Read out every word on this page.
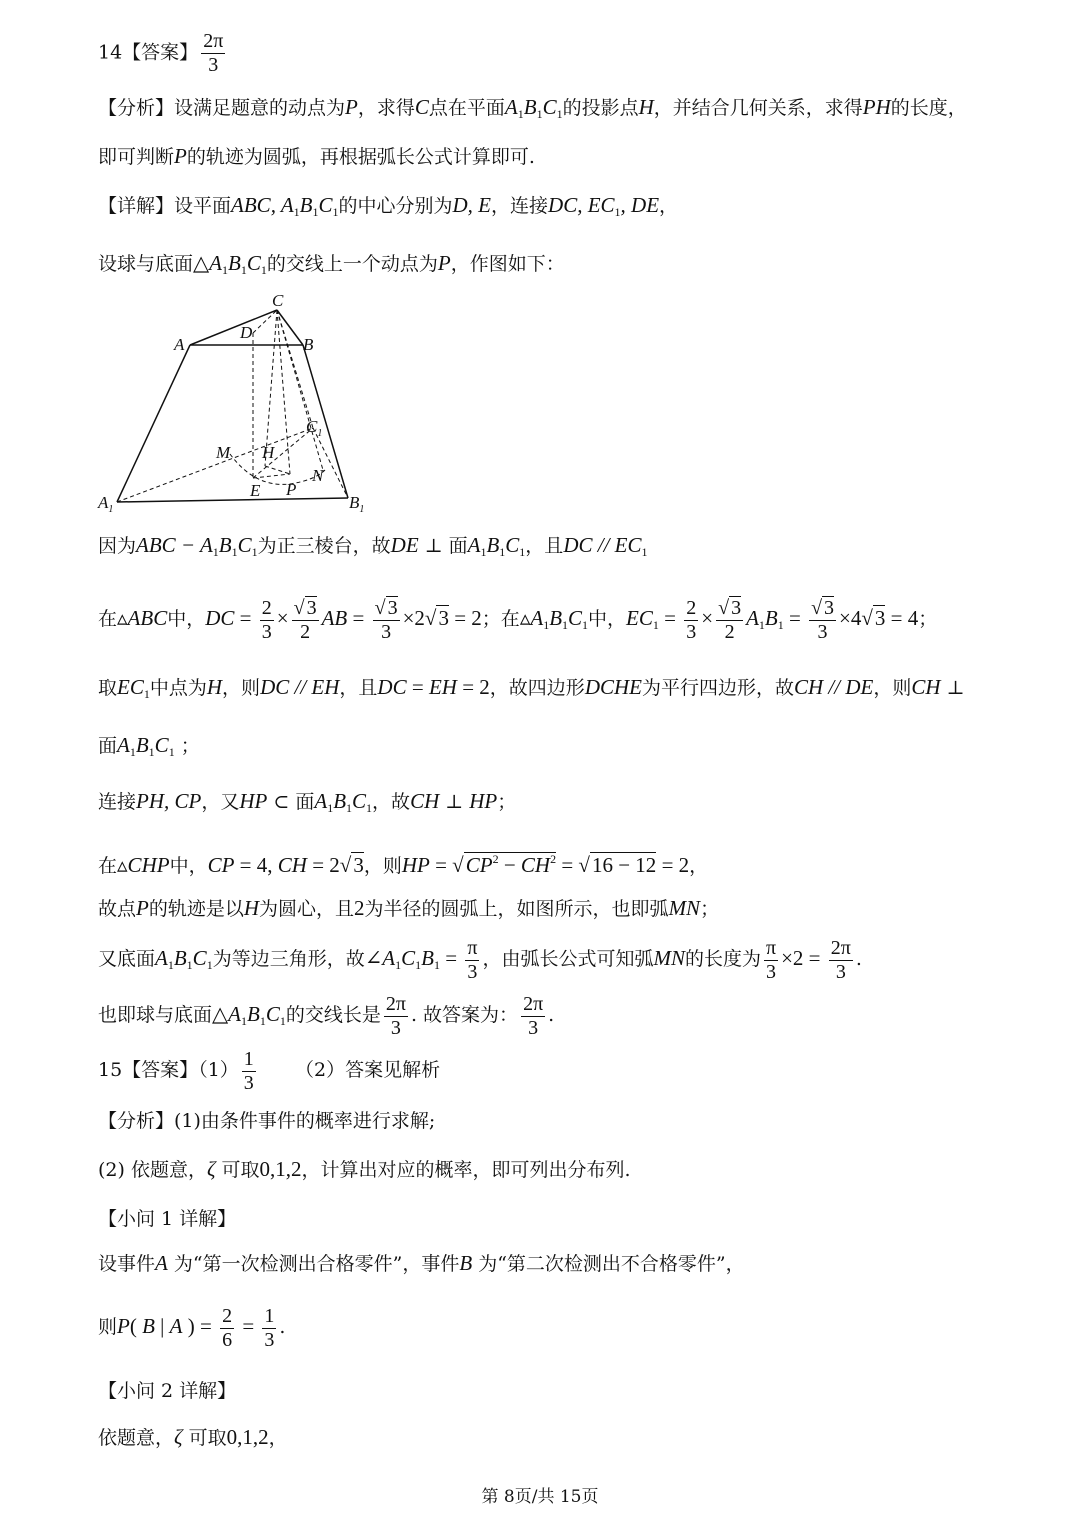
14【答案】 $\frac{2\pi}{3}$
【分析】设满足题意的动点为P，求得C点在平面$A_1B_1C_1$的投影点H，并结合几何关系，求得PH的长度，
即可判断P的轨迹为圆弧，再根据弧长公式计算即可.
【详解】设平面ABC, $A_1B_1C_1$的中心分别为D, E，连接DC, $EC_1$, DE，
设球与底面$\triangle A_1B_1C_1$的交线上一个动点为P，作图如下：
C
A
D
B
$C_1$
M H
N
E P
$A_1$	$B_1$
因为ABC − $A_1B_1C_1$为正三棱台，故DE ⊥ 面$A_1B_1C_1$，且DC // $EC_1$
在▵ABC中，DC = $\frac{2}{3} \times \frac{√ 3}{2}$ AB = $\frac{√ 3}{3} \times 2√3 = 2$；在$▵A_1B_1C_1$中，$EC_1 = \frac{2}{3} \times \frac{√ 3}{2} A_1B_1 = \frac{√ 3}{3} \times 4√3 = 4$；
取$EC_1$中点为H，则DC // EH，且DC = EH = 2，故四边形DCHE为平行四边形，故CH // DE，则CH ⊥
面$A_1B_1C_1$ ；
连接PH, CP，又HP ⊂ 面$A_1B_1C_1$，故CH ⊥ HP；
在▵CHP中，CP = 4, CH = 2√3，则HP = $√CP^2 - CH^2 = √16 - 12 = 2$，
故点P的轨迹是以H为圆心，且2为半径的圆弧上，如图所示，也即弧MN；
又底面$A_1B_1C_1$为等边三角形，故$\angle A_1C_1B_1 = \frac{\pi}{3}$ ，由弧长公式可知弧MN的长度为 $\frac{\pi}{3} \times 2 = \frac{2\pi}{3}$ .
也即球与底面$\triangle A_1B_1C_1$的交线长是 $\frac{2\pi}{3}$ . 故答案为： $\frac{2\pi}{3}$ .
15【答案】$(1) \frac{1}{3} (2)$答案见解析
【分析】(1)由条件事件的概率进行求解;
(2) 依题意，ζ 可取0,1,2，计算出对应的概率，即可列出分布列.
【小问 1 详解】
设事件A 为“第一次检测出合格零件”，事件B 为“第二次检测出不合格零件”，
则P( B | A ) = $\frac{2}{6} = \frac{1}{3}$ .
【小问 2 详解】
依题意，ζ 可取0,1,2，
第 8页/共 15页
